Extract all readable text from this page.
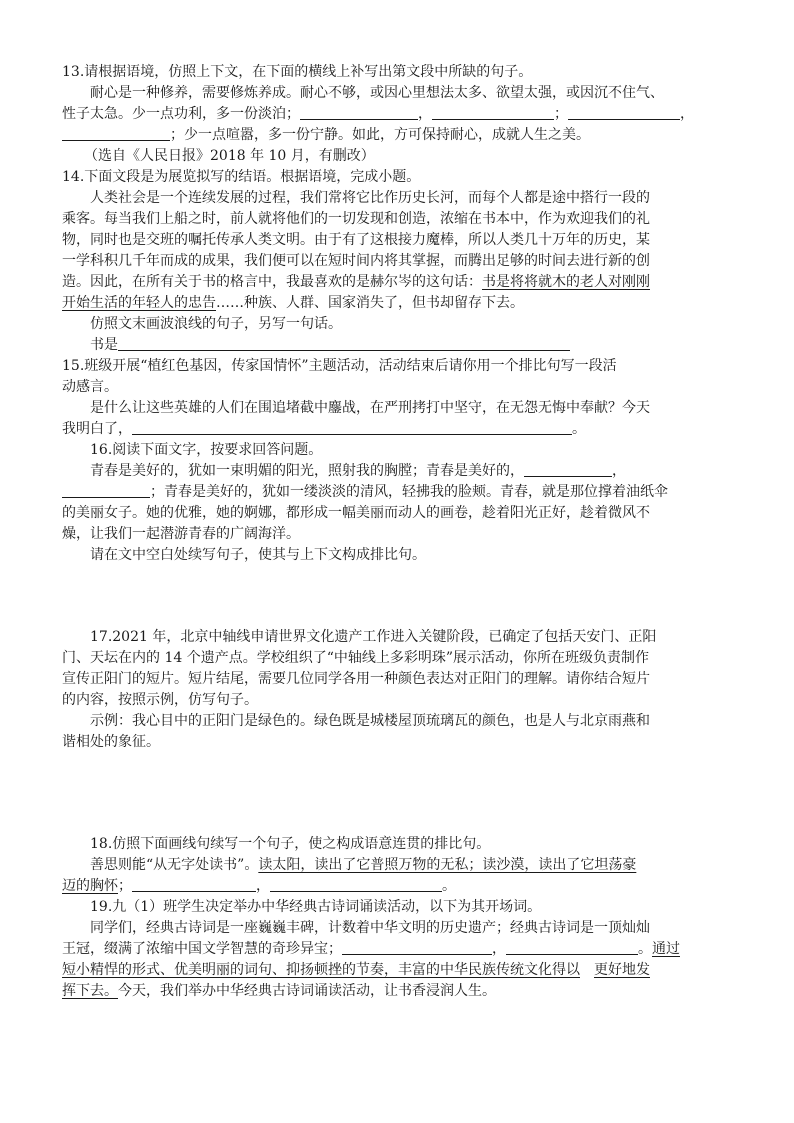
13.请根据语境，仿照上下文，在下面的横线上补写出第文段中所缺的句子。
耐心是一种修养，需要修炼养成。耐心不够，或因心里想法太多、欲望太强，或因沉不住气、
性子太急。少一点功利，多一份淡泊；	，	；	，
；少一点喧嚣，多一份宁静。如此，方可保持耐心，成就人生之美。
（选自《人民日报》2018 年 10 月，有删改）
14.下面文段是为展览拟写的结语。根据语境，完成小题。
人类社会是一个连续发展的过程，我们常将它比作历史长河，而每个人都是途中搭行一段的
乘客。每当我们上船之时，前人就将他们的一切发现和创造，浓缩在书本中，作为欢迎我们的礼
物，同时也是交班的嘱托传承人类文明。由于有了这根接力魔棒，所以人类几十万年的历史，某
一学科积几千年而成的成果，我们便可以在短时间内将其掌握，而腾出足够的时间去进行新的创
造。因此，在所有关于书的格言中，我最喜欢的是赫尔岑的这句话：书是将将就木的老人对刚刚
开始生活的年轻人的忠告……种族、人群、国家消失了，但书却留存下去。
仿照文末画波浪线的句子，另写一句话。
书是
15.班级开展“植红色基因，传家国情怀”主题活动，活动结束后请你用一个排比句写一段活
动感言。
是什么让这些英雄的人们在围追堵截中鏖战，在严刑拷打中坚守，在无怨无悔中奉献？今天
我明白了，	。
16.阅读下面文字，按要求回答问题。
青春是美好的，犹如一束明媚的阳光，照射我的胸膛；青春是美好的，	，
；青春是美好的，犹如一缕淡淡的清风，轻拂我的脸颊。青春，就是那位撑着油纸伞
的美丽女子。她的优雅，她的婀娜，都形成一幅美丽而动人的画卷，趁着阳光正好，趁着微风不
燥，让我们一起潜游青春的广阔海洋。
请在文中空白处续写句子，使其与上下文构成排比句。
17.2021 年，北京中轴线申请世界文化遗产工作进入关键阶段，已确定了包括天安门、正阳
门、天坛在内的 14 个遗产点。学校组织了“中轴线上多彩明珠”展示活动，你所在班级负责制作
宣传正阳门的短片。短片结尾，需要几位同学各用一种颜色表达对正阳门的理解。请你结合短片
的内容，按照示例，仿写句子。
示例：我心目中的正阳门是绿色的。绿色既是城楼屋顶琉璃瓦的颜色，也是人与北京雨燕和
谐相处的象征。
18.仿照下面画线句续写一个句子，使之构成语意连贯的排比句。
善思则能“从无字处读书”。读太阳，读出了它普照万物的无私；读沙漠，读出了它坦荡豪
迈的胸怀；	，	。
19.九（1）班学生决定举办中华经典古诗词诵读活动，以下为其开场词。
同学们，经典古诗词是一座巍巍丰碑，计数着中华文明的历史遗产；经典古诗词是一顶灿灿
王冠，缀满了浓缩中国文学智慧的奇珍异宝；	，	。通过
短小精悍的形式、优美明丽的词句、抑扬顿挫的节奏，丰富的中华民族传统文化得以 更好地发
挥下去。今天，我们举办中华经典古诗词诵读活动，让书香浸润人生。
